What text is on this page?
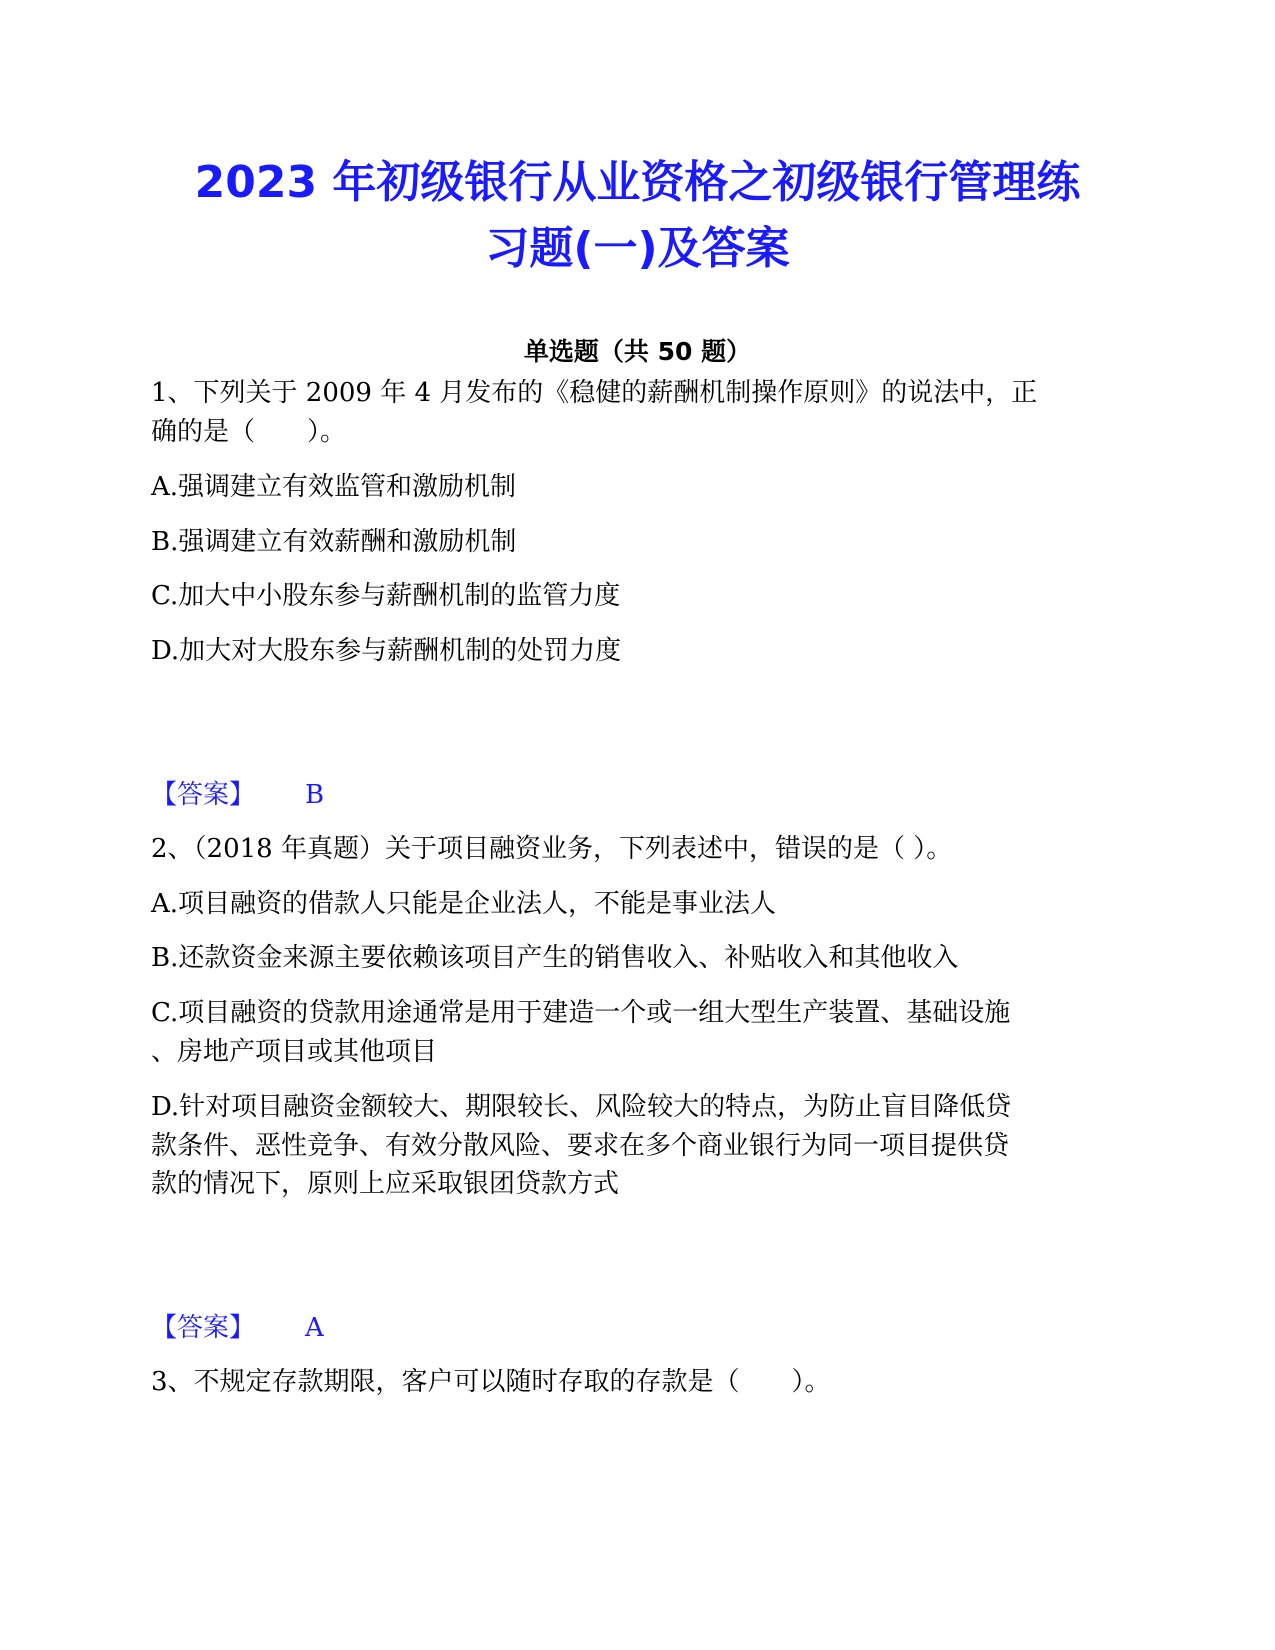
2023 年初级银行从业资格之初级银行管理练
习题(一)及答案
单选题（共 50 题）
1、下列关于 2009 年 4 月发布的《稳健的薪酬机制操作原则》的说法中，正
确的是（　　）。
A.强调建立有效监管和激励机制
B.强调建立有效薪酬和激励机制
C.加大中小股东参与薪酬机制的监管力度
D.加大对大股东参与薪酬机制的处罚力度
【答案】 B
2、（2018 年真题）关于项目融资业务，下列表述中，错误的是（ ）。
A.项目融资的借款人只能是企业法人，不能是事业法人
B.还款资金来源主要依赖该项目产生的销售收入、补贴收入和其他收入
C.项目融资的贷款用途通常是用于建造一个或一组大型生产装置、基础设施
、房地产项目或其他项目
D.针对项目融资金额较大、期限较长、风险较大的特点，为防止盲目降低贷
款条件、恶性竞争、有效分散风险、要求在多个商业银行为同一项目提供贷
款的情况下，原则上应采取银团贷款方式
【答案】 A
3、不规定存款期限，客户可以随时存取的存款是（　　）。
